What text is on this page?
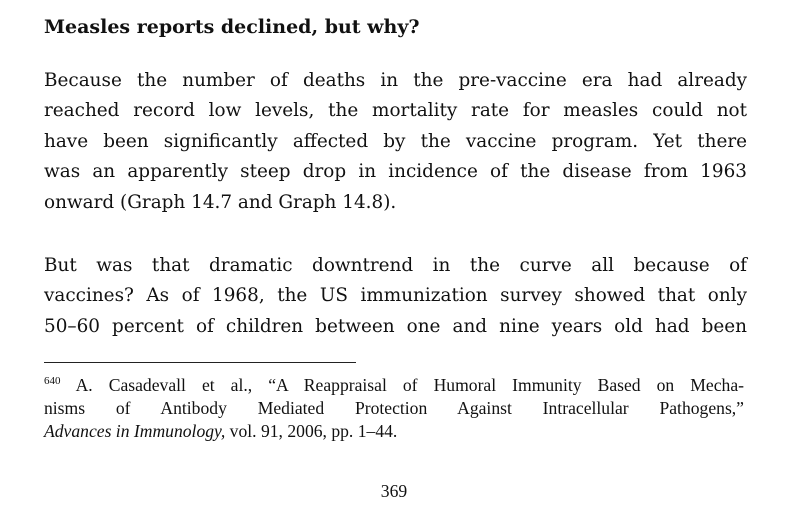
Measles reports declined, but why?
Because the number of deaths in the pre-vaccine era had already
reached record low levels, the mortality rate for measles could not
have been significantly affected by the vaccine program. Yet there
was an apparently steep drop in incidence of the disease from 1963
onward (Graph 14.7 and Graph 14.8).
But was that dramatic downtrend in the curve all because of
vaccines? As of 1968, the US immunization survey showed that only
50–60 percent of children between one and nine years old had been
$^{640}$ A. Casadevall et al., “A Reappraisal of Humoral Immunity Based on Mecha-
nisms of Antibody Mediated Protection Against Intracellular Pathogens,”
Advances in Immunology, vol. 91, 2006, pp. 1–44.
369
